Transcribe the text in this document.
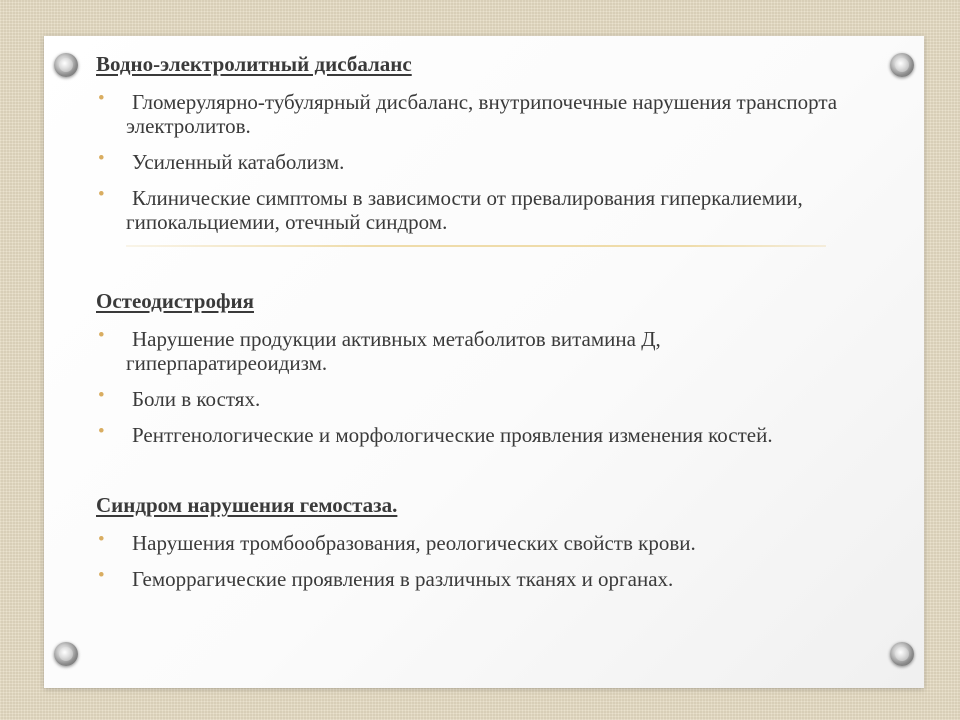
Водно-электролитный дисбаланс
• Гломерулярно-тубулярный дисбаланс, внутрипочечные нарушения транспорта электролитов.
• Усиленный катаболизм.
• Клинические симптомы в зависимости от превалирования гиперкалиемии, гипокальциемии, отечный синдром.
Остеодистрофия
• Нарушение продукции активных метаболитов витамина Д, гиперпаратиреоидизм.
• Боли в костях.
• Рентгенологические и морфологические проявления изменения костей.
Синдром нарушения гемостаза.
• Нарушения тромбообразования, реологических свойств крови.
• Геморрагические проявления в различных тканях и органах.
